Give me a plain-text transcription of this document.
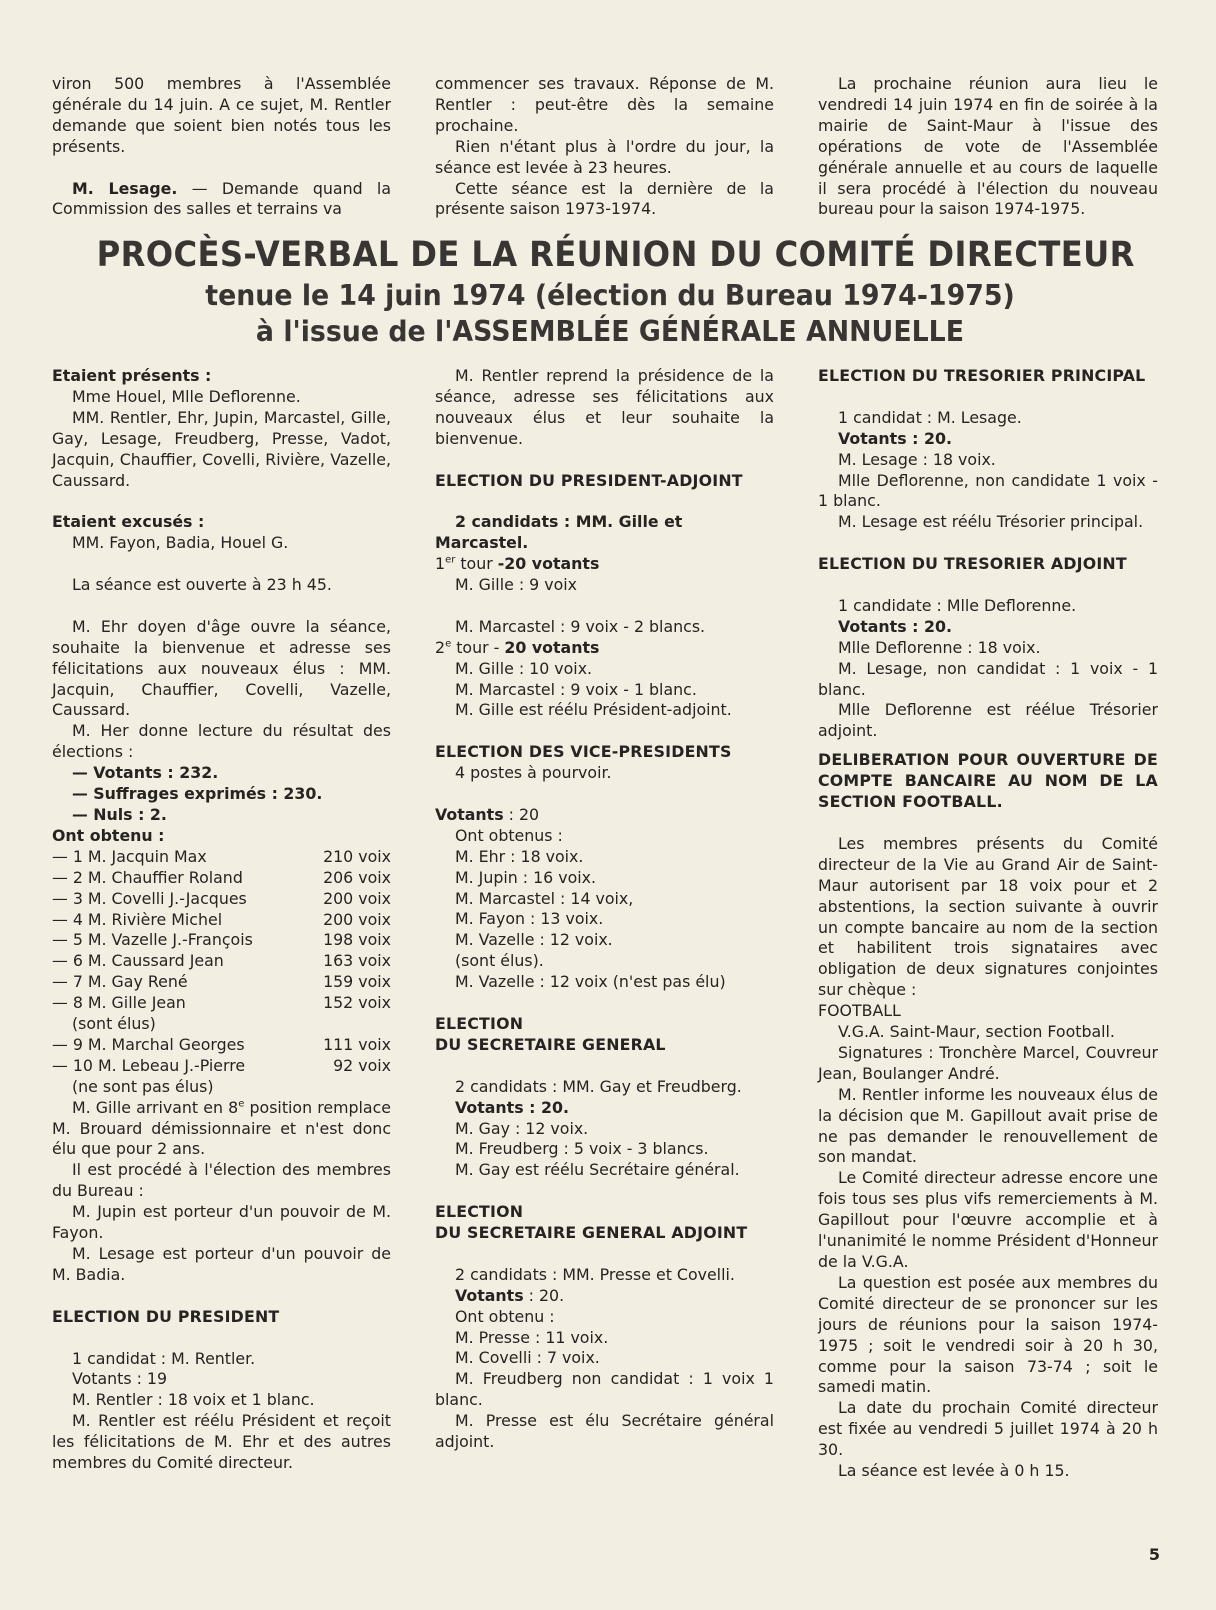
viron 500 membres à l'Assemblée générale du 14 juin. A ce sujet, M. Rentler demande que soient bien notés tous les présents.

M. Lesage. — Demande quand la Commission des salles et terrains va

commencer ses travaux. Réponse de M. Rentler : peut-être dès la semaine prochaine.

Rien n'étant plus à l'ordre du jour, la séance est levée à 23 heures.

Cette séance est la dernière de la présente saison 1973-1974.

La prochaine réunion aura lieu le vendredi 14 juin 1974 en fin de soirée à la mairie de Saint-Maur à l'issue des opérations de vote de l'Assemblée générale annuelle et au cours de laquelle il sera procédé à l'élection du nouveau bureau pour la saison 1974-1975.

PROCÈS-VERBAL DE LA RÉUNION DU COMITÉ DIRECTEUR

tenue le 14 juin 1974 (élection du Bureau 1974-1975)

à l'issue de l'ASSEMBLÉE GÉNÉRALE ANNUELLE

Etaient présents :

Mme Houel, Mlle Deflorenne.

MM. Rentler, Ehr, Jupin, Marcastel, Gille, Gay, Lesage, Freudberg, Presse, Vadot, Jacquin, Chauffier, Covelli, Rivière, Vazelle, Caussard.

Etaient excusés :

MM. Fayon, Badia, Houel G.

La séance est ouverte à 23 h 45.

M. Ehr doyen d'âge ouvre la séance, souhaite la bienvenue et adresse ses félicitations aux nouveaux élus : MM. Jacquin, Chauffier, Covelli, Vazelle, Caussard.

M. Her donne lecture du résultat des élections :

— Votants : 232.

— Suffrages exprimés : 230.

— Nuls : 2.

Ont obtenu :

— 1 M. Jacquin Max	210 voix
— 2 M. Chauffier Roland	206 voix
— 3 M. Covelli J.-Jacques	200 voix
— 4 M. Rivière Michel	200 voix
— 5 M. Vazelle J.-François	198 voix
— 6 M. Caussard Jean	163 voix
— 7 M. Gay René	159 voix
— 8 M. Gille Jean	152 voix

(sont élus)

— 9 M. Marchal Georges	111 voix
— 10 M. Lebeau J.-Pierre	92 voix

(ne sont pas élus)

M. Gille arrivant en 8e position remplace M. Brouard démissionnaire et n'est donc élu que pour 2 ans.

Il est procédé à l'élection des membres du Bureau :

M. Jupin est porteur d'un pouvoir de M. Fayon.

M. Lesage est porteur d'un pouvoir de M. Badia.

ELECTION DU PRESIDENT

1 candidat : M. Rentler.

Votants : 19

M. Rentler : 18 voix et 1 blanc.

M. Rentler est réélu Président et reçoit les félicitations de M. Ehr et des autres membres du Comité directeur.

M. Rentler reprend la présidence de la séance, adresse ses félicitations aux nouveaux élus et leur souhaite la bienvenue.

ELECTION DU PRESIDENT-ADJOINT

2 candidats : MM. Gille et Marcastel.

1er tour -20 votants

M. Gille : 9 voix

M. Marcastel : 9 voix - 2 blancs.

2e tour - 20 votants

M. Gille : 10 voix.

M. Marcastel : 9 voix - 1 blanc.

M. Gille est réélu Président-adjoint.

ELECTION DES VICE-PRESIDENTS

4 postes à pourvoir.

Votants : 20

Ont obtenus :

M. Ehr : 18 voix.

M. Jupin : 16 voix.

M. Marcastel : 14 voix,

M. Fayon : 13 voix.

M. Vazelle : 12 voix.

(sont élus).

M. Vazelle : 12 voix (n'est pas élu)

ELECTION

DU SECRETAIRE GENERAL

2 candidats : MM. Gay et Freudberg.

Votants : 20.

M. Gay : 12 voix.

M. Freudberg : 5 voix - 3 blancs.

M. Gay est réélu Secrétaire général.

ELECTION

DU SECRETAIRE GENERAL ADJOINT

2 candidats : MM. Presse et Covelli.

Votants : 20.

Ont obtenu :

M. Presse : 11 voix.

M. Covelli : 7 voix.

M. Freudberg non candidat : 1 voix 1 blanc.

M. Presse est élu Secrétaire général adjoint.

ELECTION DU TRESORIER PRINCIPAL

1 candidat : M. Lesage.

Votants : 20.

M. Lesage : 18 voix.

Mlle Deflorenne, non candidate 1 voix - 1 blanc.

M. Lesage est réélu Trésorier principal.

ELECTION DU TRESORIER ADJOINT

1 candidate : Mlle Deflorenne.

Votants : 20.

Mlle Deflorenne : 18 voix.

M. Lesage, non candidat : 1 voix - 1 blanc.

Mlle Deflorenne est réélue Trésorier adjoint.

DELIBERATION POUR OUVERTURE DE COMPTE BANCAIRE AU NOM DE LA SECTION FOOTBALL.

Les membres présents du Comité directeur de la Vie au Grand Air de Saint-Maur autorisent par 18 voix pour et 2 abstentions, la section suivante à ouvrir un compte bancaire au nom de la section et habilitent trois signataires avec obligation de deux signatures conjointes sur chèque :

FOOTBALL

V.G.A. Saint-Maur, section Football.

Signatures : Tronchère Marcel, Couvreur Jean, Boulanger André.

M. Rentler informe les nouveaux élus de la décision que M. Gapillout avait prise de ne pas demander le renouvellement de son mandat.

Le Comité directeur adresse encore une fois tous ses plus vifs remerciements à M. Gapillout pour l'œuvre accomplie et à l'unanimité le nomme Président d'Honneur de la V.G.A.

La question est posée aux membres du Comité directeur de se prononcer sur les jours de réunions pour la saison 1974-1975 ; soit le vendredi soir à 20 h 30, comme pour la saison 73-74 ; soit le samedi matin.

La date du prochain Comité directeur est fixée au vendredi 5 juillet 1974 à 20 h 30.

La séance est levée à 0 h 15.

5
